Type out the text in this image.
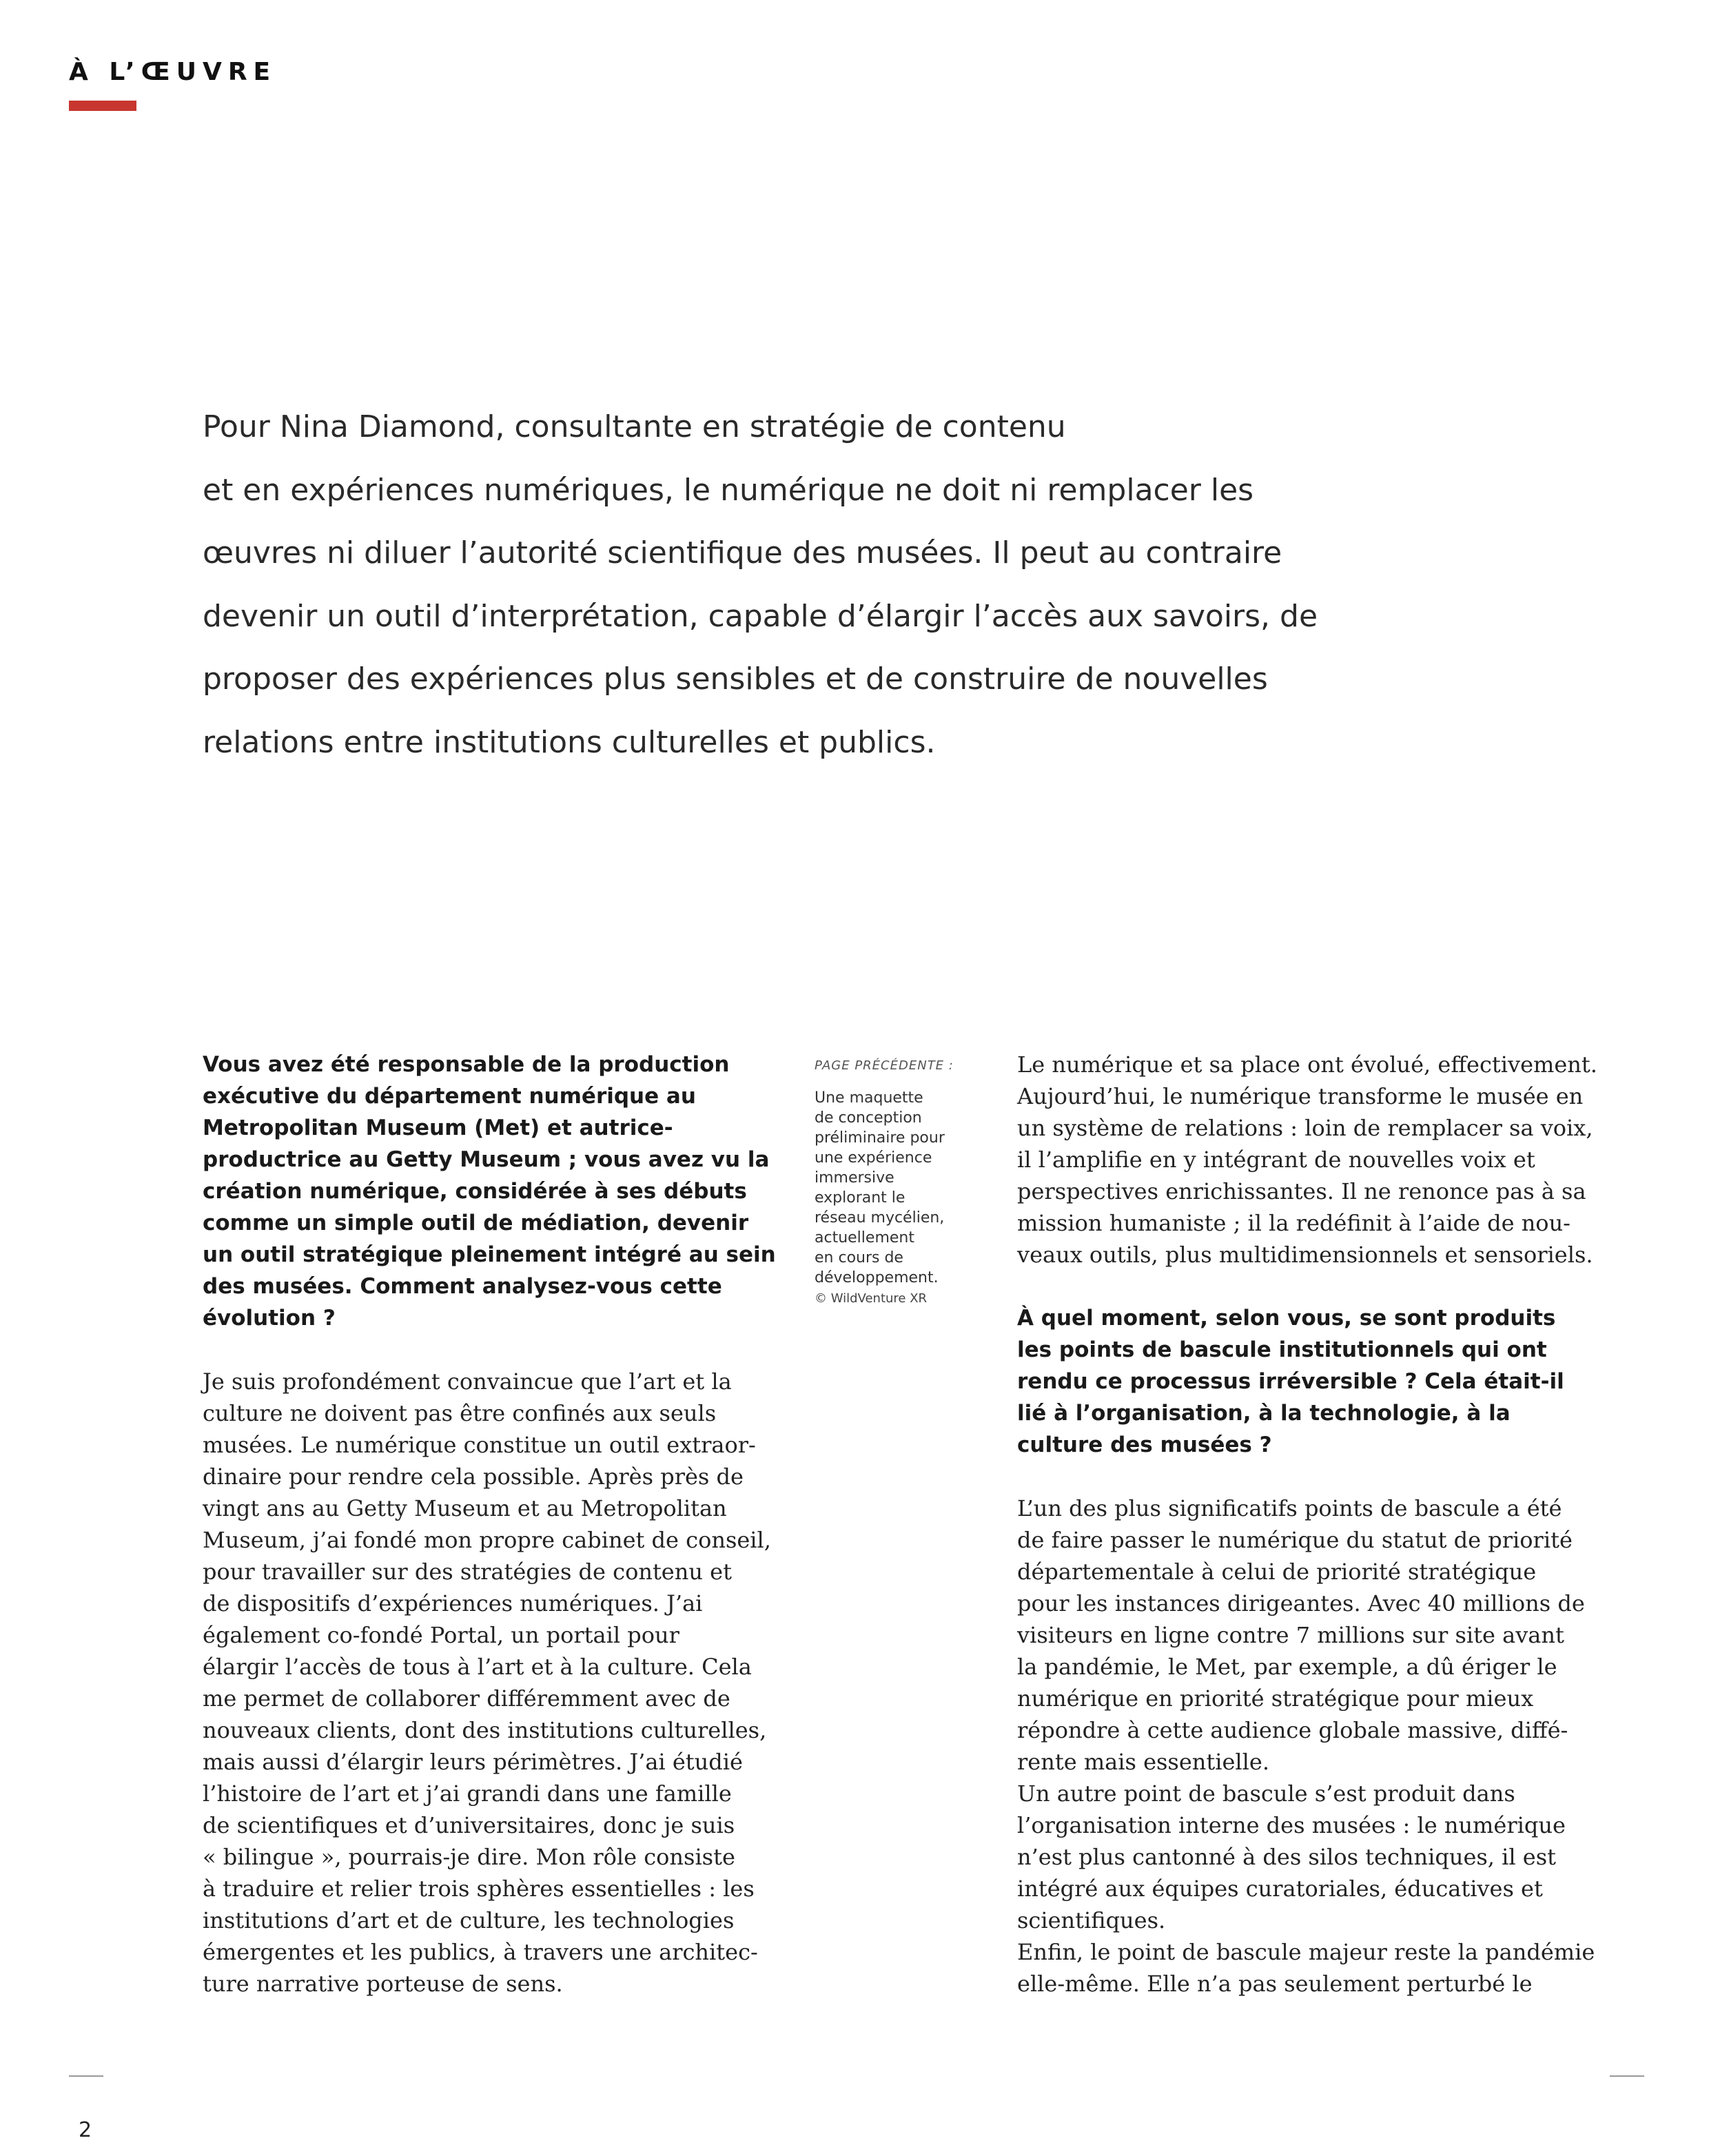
À L’ŒUVRE
Pour Nina Diamond, consultante en stratégie de contenu
et en expériences numériques, le numérique ne doit ni remplacer les
œuvres ni diluer l’autorité scientifique des musées. Il peut au contraire
devenir un outil d’interprétation, capable d’élargir l’accès aux savoirs, de
proposer des expériences plus sensibles et de construire de nouvelles
relations entre institutions culturelles et publics.
Vous avez été responsable de la production
exécutive du département numérique au
Metropolitan Museum (Met) et autrice-
productrice au Getty Museum ; vous avez vu la
création numérique, considérée à ses débuts
comme un simple outil de médiation, devenir
un outil stratégique pleinement intégré au sein
des musées. Comment analysez-vous cette
évolution ?
Je suis profondément convaincue que l’art et la
culture ne doivent pas être confinés aux seuls
musées. Le numérique constitue un outil extraor-
dinaire pour rendre cela possible. Après près de
vingt ans au Getty Museum et au Metropolitan
Museum, j’ai fondé mon propre cabinet de conseil,
pour travailler sur des stratégies de contenu et
de dispositifs d’expériences numériques. J’ai
également co-fondé Portal, un portail pour
élargir l’accès de tous à l’art et à la culture. Cela
me permet de collaborer différemment avec de
nouveaux clients, dont des institutions culturelles,
mais aussi d’élargir leurs périmètres. J’ai étudié
l’histoire de l’art et j’ai grandi dans une famille
de scientifiques et d’universitaires, donc je suis
« bilingue », pourrais-je dire. Mon rôle consiste
à traduire et relier trois sphères essentielles : les
institutions d’art et de culture, les technologies
émergentes et les publics, à travers une architec-
ture narrative porteuse de sens.
PAGE PRÉCÉDENTE :
Une maquette
de conception
préliminaire pour
une expérience
immersive
explorant le
réseau mycélien,
actuellement
en cours de
développement.
© WildVenture XR
Le numérique et sa place ont évolué, effectivement.
Aujourd’hui, le numérique transforme le musée en
un système de relations : loin de remplacer sa voix,
il l’amplifie en y intégrant de nouvelles voix et
perspectives enrichissantes. Il ne renonce pas à sa
mission humaniste ; il la redéfinit à l’aide de nou-
veaux outils, plus multidimensionnels et sensoriels.
À quel moment, selon vous, se sont produits
les points de bascule institutionnels qui ont
rendu ce processus irréversible ? Cela était-il
lié à l’organisation, à la technologie, à la
culture des musées ?
L’un des plus significatifs points de bascule a été
de faire passer le numérique du statut de priorité
départementale à celui de priorité stratégique
pour les instances dirigeantes. Avec 40 millions de
visiteurs en ligne contre 7 millions sur site avant
la pandémie, le Met, par exemple, a dû ériger le
numérique en priorité stratégique pour mieux
répondre à cette audience globale massive, diffé-
rente mais essentielle.
Un autre point de bascule s’est produit dans
l’organisation interne des musées : le numérique
n’est plus cantonné à des silos techniques, il est
intégré aux équipes curatoriales, éducatives et
scientifiques.
Enfin, le point de bascule majeur reste la pandémie
elle-même. Elle n’a pas seulement perturbé le
2
